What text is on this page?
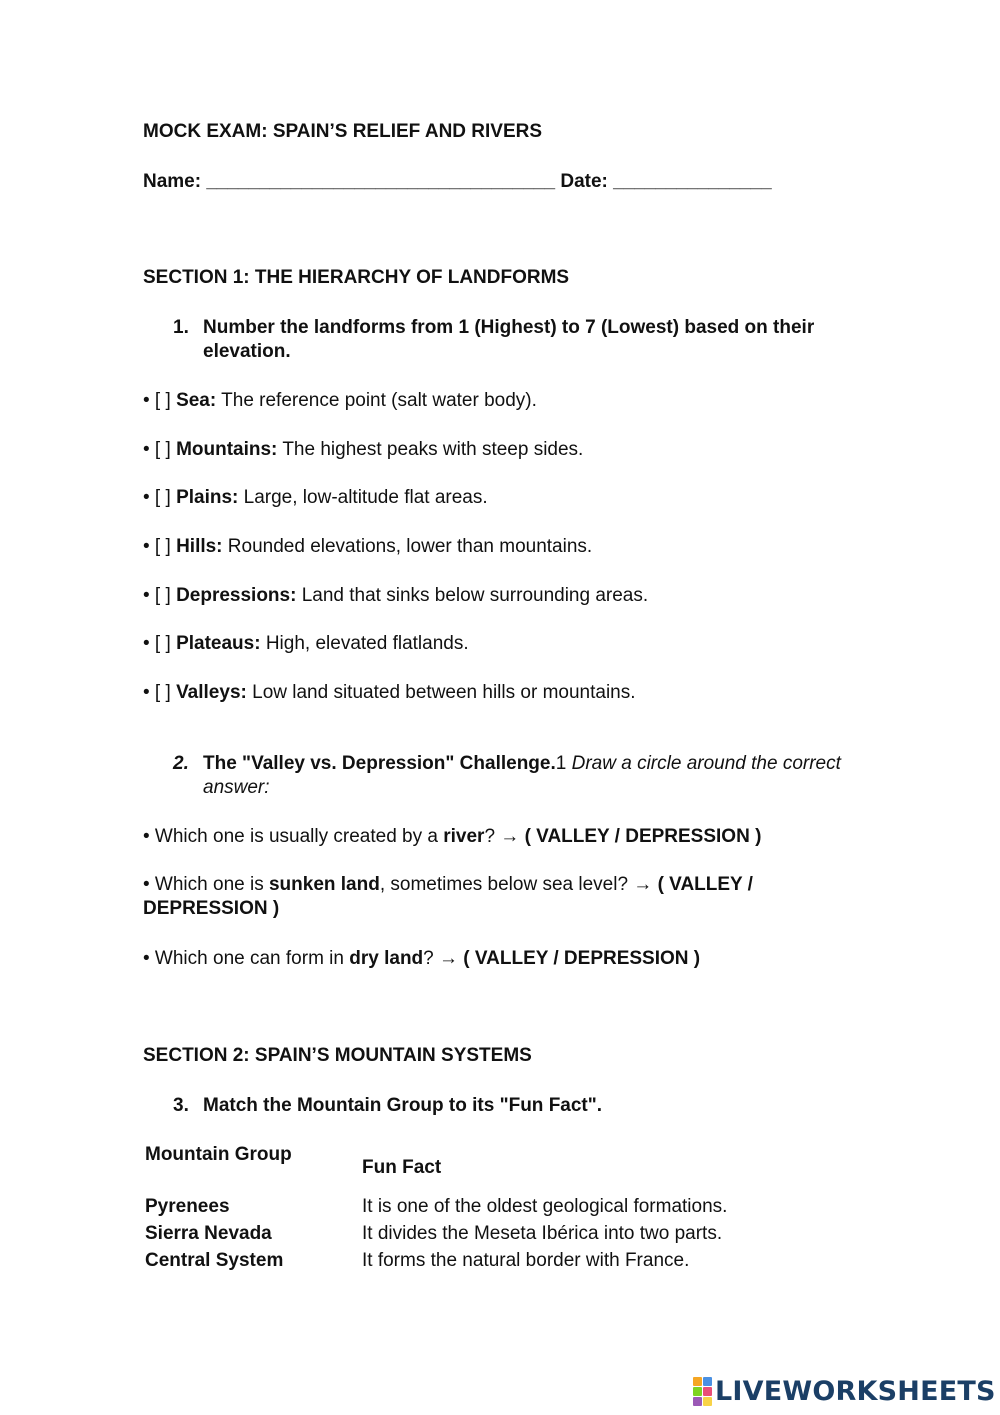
MOCK EXAM: SPAIN’S RELIEF AND RIVERS
Name: _________________________________ Date: _______________
SECTION 1: THE HIERARCHY OF LANDFORMS
1. Number the landforms from 1 (Highest) to 7 (Lowest) based on their elevation.
• [ ] Sea: The reference point (salt water body).
• [ ] Mountains: The highest peaks with steep sides.
• [ ] Plains: Large, low-altitude flat areas.
• [ ] Hills: Rounded elevations, lower than mountains.
• [ ] Depressions: Land that sinks below surrounding areas.
• [ ] Plateaus: High, elevated flatlands.
• [ ] Valleys: Low land situated between hills or mountains.
2. The "Valley vs. Depression" Challenge.1 Draw a circle around the correct answer:
• Which one is usually created by a river? → ( VALLEY / DEPRESSION )
• Which one is sunken land, sometimes below sea level? → ( VALLEY / DEPRESSION )
• Which one can form in dry land? → ( VALLEY / DEPRESSION )
SECTION 2: SPAIN’S MOUNTAIN SYSTEMS
3. Match the Mountain Group to its "Fun Fact".
Mountain Group
Fun Fact
Pyrenees
Sierra Nevada
Central System
It is one of the oldest geological formations.
It divides the Meseta Ibérica into two parts.
It forms the natural border with France.
LIVEWORKSHEETS
